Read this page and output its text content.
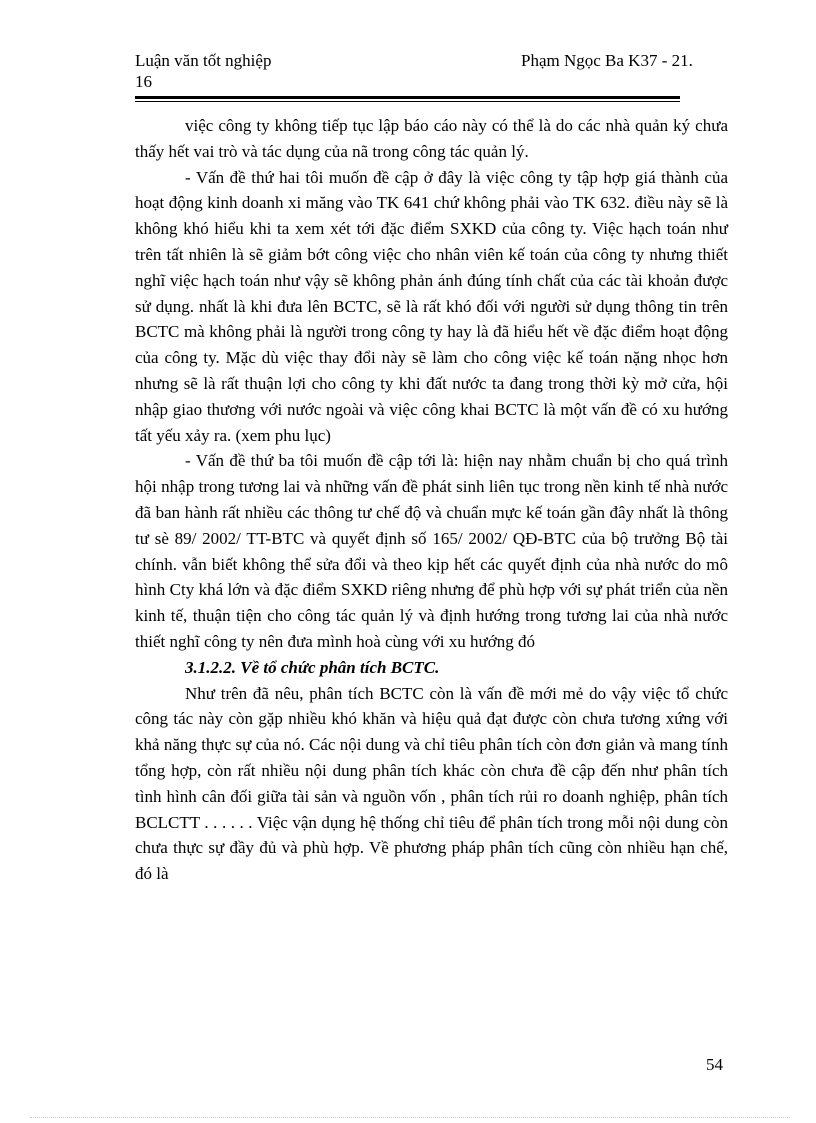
Luận văn tốt nghiệp
16
Phạm Ngọc Ba K37 - 21.

việc công ty không tiếp tục lập báo cáo này có thể là do các nhà quản ký chưa thấy hết vai trò và tác dụng của nã trong công tác quản lý.

- Vấn đề thứ hai tôi muốn đề cập ở đây là việc công ty tập hợp giá thành của hoạt động kinh doanh xi măng vào TK 641 chứ không phải vào TK 632. điều này sẽ là không khó hiểu khi ta xem xét tới đặc điểm SXKD của công ty. Việc hạch toán như trên tất nhiên là sẽ giảm bớt công việc cho nhân viên kế toán của công ty nhưng thiết nghĩ việc hạch toán như vậy sẽ không phản ánh đúng tính chất của các tài khoản được sử dụng. nhất là khi đưa lên BCTC, sẽ là rất khó đối với người sử dụng thông tin trên BCTC mà không phải là người trong công ty hay là đã hiểu hết về đặc điểm hoạt động của công ty. Mặc dù việc thay đổi này sẽ làm cho công việc kế toán nặng nhọc hơn nhưng sẽ là rất thuận lợi cho công ty khi đất nước ta đang trong thời kỳ mở cửa, hội nhập giao thương với nước ngoài và việc công khai BCTC là một vấn đề có xu hướng tất yếu xảy ra. (xem phu lục)

- Vấn đề thứ ba tôi muốn đề cập tới là: hiện nay nhằm chuẩn bị cho quá trình hội nhập trong tương lai và những vấn đề phát sinh liên tục trong nền kinh tế nhà nước đã ban hành rất nhiều các thông tư chế độ và chuẩn mực kế toán gần đây nhất là thông tư sè 89/ 2002/ TT-BTC và quyết định số 165/ 2002/ QĐ-BTC của bộ trưởng Bộ tài chính. vẫn biết không thể sửa đổi và theo kịp hết các quyết định của nhà nước do mô hình Cty khá lớn và đặc điểm SXKD riêng nhưng để phù hợp với sự phát triển của nền kinh tế, thuận tiện cho công tác quản lý và định hướng trong tương lai của nhà nước thiết nghĩ công ty nên đưa mình hoà cùng với xu hướng đó

3.1.2.2. Về tổ chức phân tích BCTC.

Như trên đã nêu, phân tích BCTC còn là vấn đề mới mẻ do vậy việc tổ chức công tác này còn gặp nhiều khó khăn và hiệu quả đạt được còn chưa tương xứng với khả năng thực sự của nó. Các nội dung và chỉ tiêu phân tích còn đơn giản và mang tính tổng hợp, còn rất nhiều nội dung phân tích khác còn chưa đề cập đến như phân tích tình hình cân đối giữa tài sản và nguồn vốn , phân tích rủi ro doanh nghiệp, phân tích BCLCTT . . . . . . Việc vận dụng hệ thống chỉ tiêu để phân tích trong mỗi nội dung còn chưa thực sự đầy đủ và phù hợp. Về phương pháp phân tích cũng còn nhiều hạn chế, đó là

54
